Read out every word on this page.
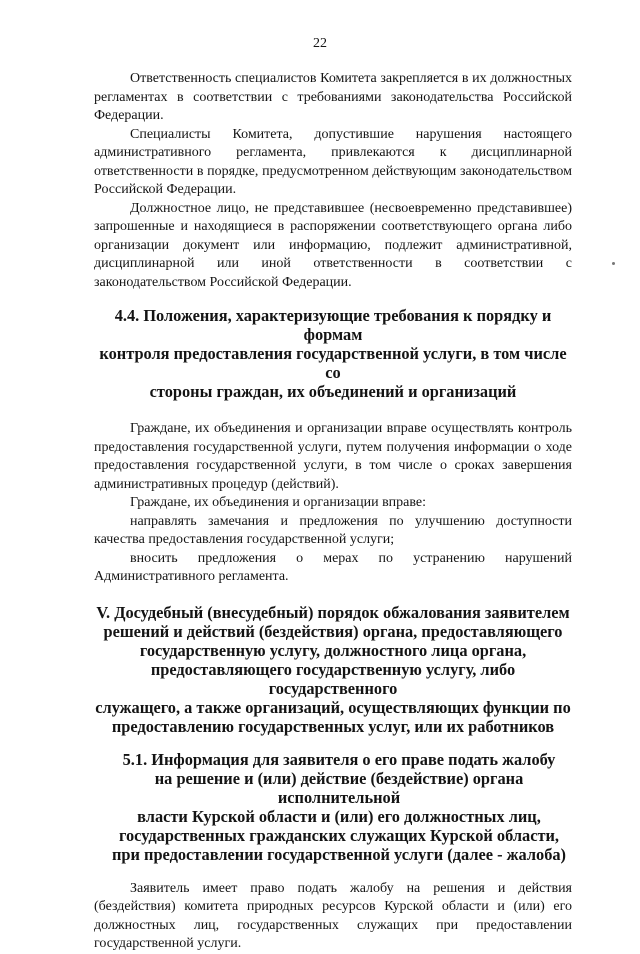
22

Ответственность специалистов Комитета закрепляется в их должностных регламентах в соответствии с требованиями законодательства Российской Федерации.

Специалисты Комитета, допустившие нарушения настоящего административного регламента, привлекаются к дисциплинарной ответственности в порядке, предусмотренном действующим законодательством Российской Федерации.

Должностное лицо, не представившее (несвоевременно представившее) запрошенные и находящиеся в распоряжении соответствующего органа либо организации документ или информацию, подлежит административной, дисциплинарной или иной ответственности в соответствии с законодательством Российской Федерации.

4.4. Положения, характеризующие требования к порядку и формам
контроля предоставления государственной услуги, в том числе со
стороны граждан, их объединений и организаций

Граждане, их объединения и организации вправе осуществлять контроль предоставления государственной услуги, путем получения информации о ходе предоставления государственной услуги, в том числе о сроках завершения административных процедур (действий).

Граждане, их объединения и организации вправе:

направлять замечания и предложения по улучшению доступности качества предоставления государственной услуги;

вносить предложения о мерах по устранению нарушений Административного регламента.

V. Досудебный (внесудебный) порядок обжалования заявителем
решений и действий (бездействия) органа, предоставляющего
государственную услугу, должностного лица органа,
предоставляющего государственную услугу, либо государственного
служащего, а также организаций, осуществляющих функции по
предоставлению государственных услуг, или их работников
5.1. Информация для заявителя о его праве подать жалобу
на решение и (или) действие (бездействие) органа исполнительной
власти Курской области и (или) его должностных лиц,
государственных гражданских служащих Курской области,
при предоставлении государственной услуги (далее - жалоба)

Заявитель имеет право подать жалобу на решения и действия (бездействия) комитета природных ресурсов Курской области и (или) его должностных лиц, государственных служащих при предоставлении государственной услуги.
